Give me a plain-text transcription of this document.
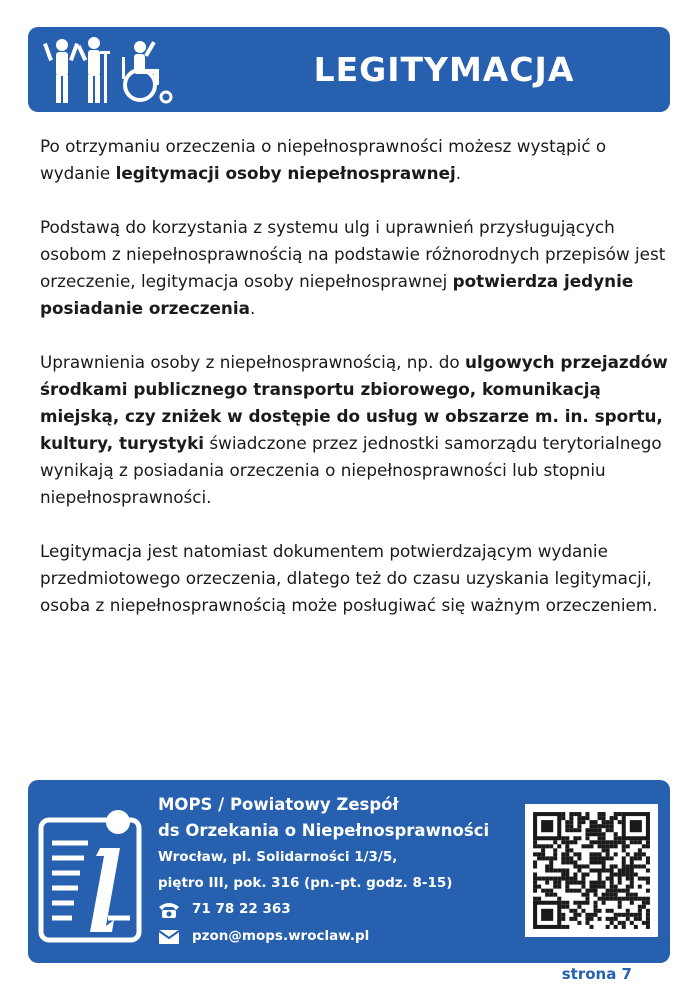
LEGITYMACJA

Po otrzymaniu orzeczenia o niepełnosprawności możesz wystąpić o wydanie legitymacji osoby niepełnosprawnej.

Podstawą do korzystania z systemu ulg i uprawnień przysługujących osobom z niepełnosprawnością na podstawie różnorodnych przepisów jest orzeczenie, legitymacja osoby niepełnosprawnej potwierdza jedynie posiadanie orzeczenia.

Uprawnienia osoby z niepełnosprawnością, np. do ulgowych przejazdów środkami publicznego transportu zbiorowego, komunikacją miejską, czy zniżek w dostępie do usług w obszarze m. in. sportu, kultury, turystyki świadczone przez jednostki samorządu terytorialnego wynikają z posiadania orzeczenia o niepełnosprawności lub stopniu niepełnosprawności.

Legitymacja jest natomiast dokumentem potwierdzającym wydanie przedmiotowego orzeczenia, dlatego też do czasu uzyskania legitymacji, osoba z niepełnosprawnością może posługiwać się ważnym orzeczeniem.

MOPS / Powiatowy Zespół
ds Orzekania o Niepełnosprawności
Wrocław, pl. Solidarności 1/3/5,
piętro III, pok. 316 (pn.-pt. godz. 8-15)
71 78 22 363
pzon@mops.wroclaw.pl
strona 7
